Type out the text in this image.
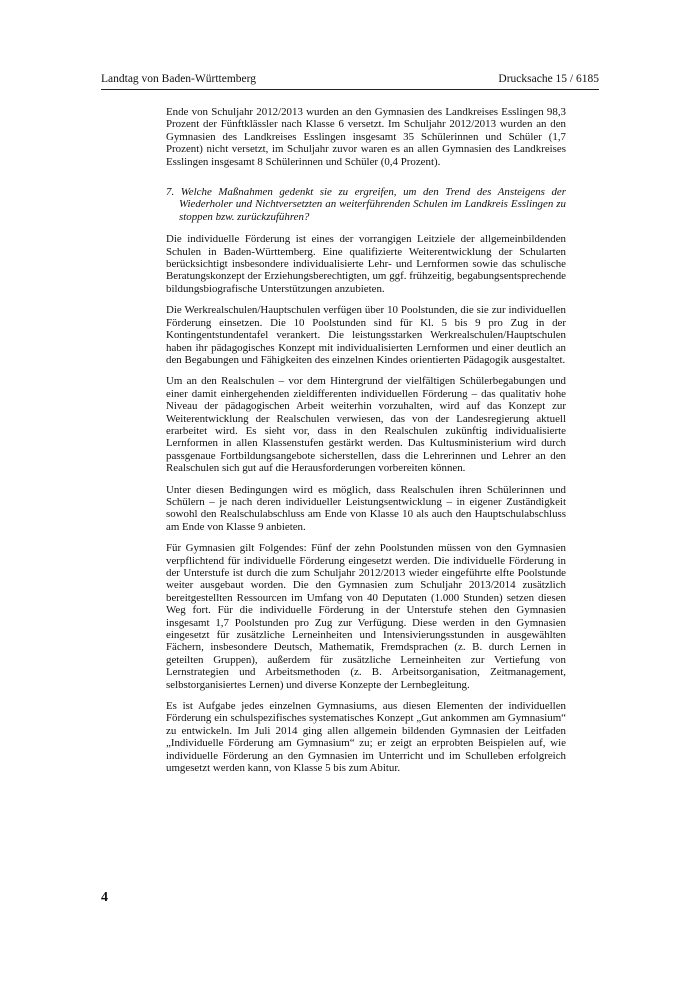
Landtag von Baden-Württemberg	Drucksache 15 / 6185

Ende von Schuljahr 2012/2013 wurden an den Gymnasien des Landkreises Esslingen 98,3 Prozent der Fünftklässler nach Klasse 6 versetzt. Im Schuljahr 2012/2013 wurden an den Gymnasien des Landkreises Esslingen insgesamt 35 Schülerinnen und Schüler (1,7 Prozent) nicht versetzt, im Schuljahr zuvor waren es an allen Gymnasien des Landkreises Esslingen insgesamt 8 Schülerinnen und Schüler (0,4 Prozent).

7. Welche Maßnahmen gedenkt sie zu ergreifen, um den Trend des Ansteigens der Wiederholer und Nichtversetzten an weiterführenden Schulen im Landkreis Esslingen zu stoppen bzw. zurückzuführen?

Die individuelle Förderung ist eines der vorrangigen Leitziele der allgemeinbildenden Schulen in Baden-Württemberg. Eine qualifizierte Weiterentwicklung der Schularten berücksichtigt insbesondere individualisierte Lehr- und Lernformen sowie das schulische Beratungskonzept der Erziehungsberechtigten, um ggf. frühzeitig, begabungsentsprechende bildungsbiografische Unterstützungen anzubieten.

Die Werkrealschulen/Hauptschulen verfügen über 10 Poolstunden, die sie zur individuellen Förderung einsetzen. Die 10 Poolstunden sind für Kl. 5 bis 9 pro Zug in der Kontingentstundentafel verankert. Die leistungsstarken Werkrealschulen/Hauptschulen haben ihr pädagogisches Konzept mit individualisierten Lernformen und einer deutlich an den Begabungen und Fähigkeiten des einzelnen Kindes orientierten Pädagogik ausgestaltet.

Um an den Realschulen – vor dem Hintergrund der vielfältigen Schülerbegabungen und einer damit einhergehenden zieldifferenten individuellen Förderung – das qualitativ hohe Niveau der pädagogischen Arbeit weiterhin vorzuhalten, wird auf das Konzept zur Weiterentwicklung der Realschulen verwiesen, das von der Landesregierung aktuell erarbeitet wird. Es sieht vor, dass in den Realschulen zukünftig individualisierte Lernformen in allen Klassenstufen gestärkt werden. Das Kultusministerium wird durch passgenaue Fortbildungsangebote sicherstellen, dass die Lehrerinnen und Lehrer an den Realschulen sich gut auf die Herausforderungen vorbereiten können.

Unter diesen Bedingungen wird es möglich, dass Realschulen ihren Schülerinnen und Schülern – je nach deren individueller Leistungsentwicklung – in eigener Zuständigkeit sowohl den Realschulabschluss am Ende von Klasse 10 als auch den Hauptschulabschluss am Ende von Klasse 9 anbieten.

Für Gymnasien gilt Folgendes: Fünf der zehn Poolstunden müssen von den Gymnasien verpflichtend für individuelle Förderung eingesetzt werden. Die individuelle Förderung in der Unterstufe ist durch die zum Schuljahr 2012/2013 wieder eingeführte elfte Poolstunde weiter ausgebaut worden. Die den Gymnasien zum Schuljahr 2013/2014 zusätzlich bereitgestellten Ressourcen im Umfang von 40 Deputaten (1.000 Stunden) setzen diesen Weg fort. Für die individuelle Förderung in der Unterstufe stehen den Gymnasien insgesamt 1,7 Poolstunden pro Zug zur Verfügung. Diese werden in den Gymnasien eingesetzt für zusätzliche Lerneinheiten und Intensivierungsstunden in ausgewählten Fächern, insbesondere Deutsch, Mathematik, Fremdsprachen (z. B. durch Lernen in geteilten Gruppen), außerdem für zusätzliche Lerneinheiten zur Vertiefung von Lernstrategien und Arbeitsmethoden (z. B. Arbeitsorganisation, Zeitmanagement, selbstorganisiertes Lernen) und diverse Konzepte der Lernbegleitung.

Es ist Aufgabe jedes einzelnen Gymnasiums, aus diesen Elementen der individuellen Förderung ein schulspezifisches systematisches Konzept „Gut ankommen am Gymnasium“ zu entwickeln. Im Juli 2014 ging allen allgemein bildenden Gymnasien der Leitfaden „Individuelle Förderung am Gymnasium“ zu; er zeigt an erprobten Beispielen auf, wie individuelle Förderung an den Gymnasien im Unterricht und im Schulleben erfolgreich umgesetzt werden kann, von Klasse 5 bis zum Abitur.

4
